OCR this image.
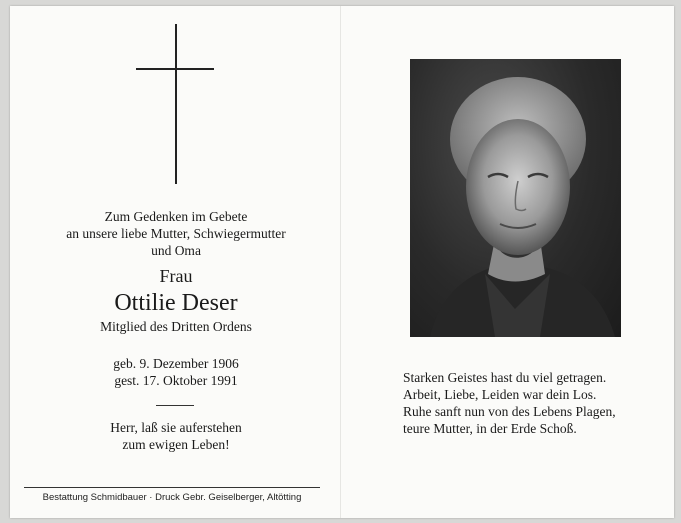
Zum Gedenken im Gebete
an unsere liebe Mutter, Schwiegermutter
und Oma
Frau
Ottilie Deser
Mitglied des Dritten Ordens
geb. 9. Dezember 1906
gest. 17. Oktober 1991
Herr, laß sie auferstehen
zum ewigen Leben!
Bestattung Schmidbauer · Druck Gebr. Geiselberger, Altötting
Starken Geistes hast du viel getragen.
Arbeit, Liebe, Leiden war dein Los.
Ruhe sanft nun von des Lebens Plagen,
teure Mutter, in der Erde Schoß.
